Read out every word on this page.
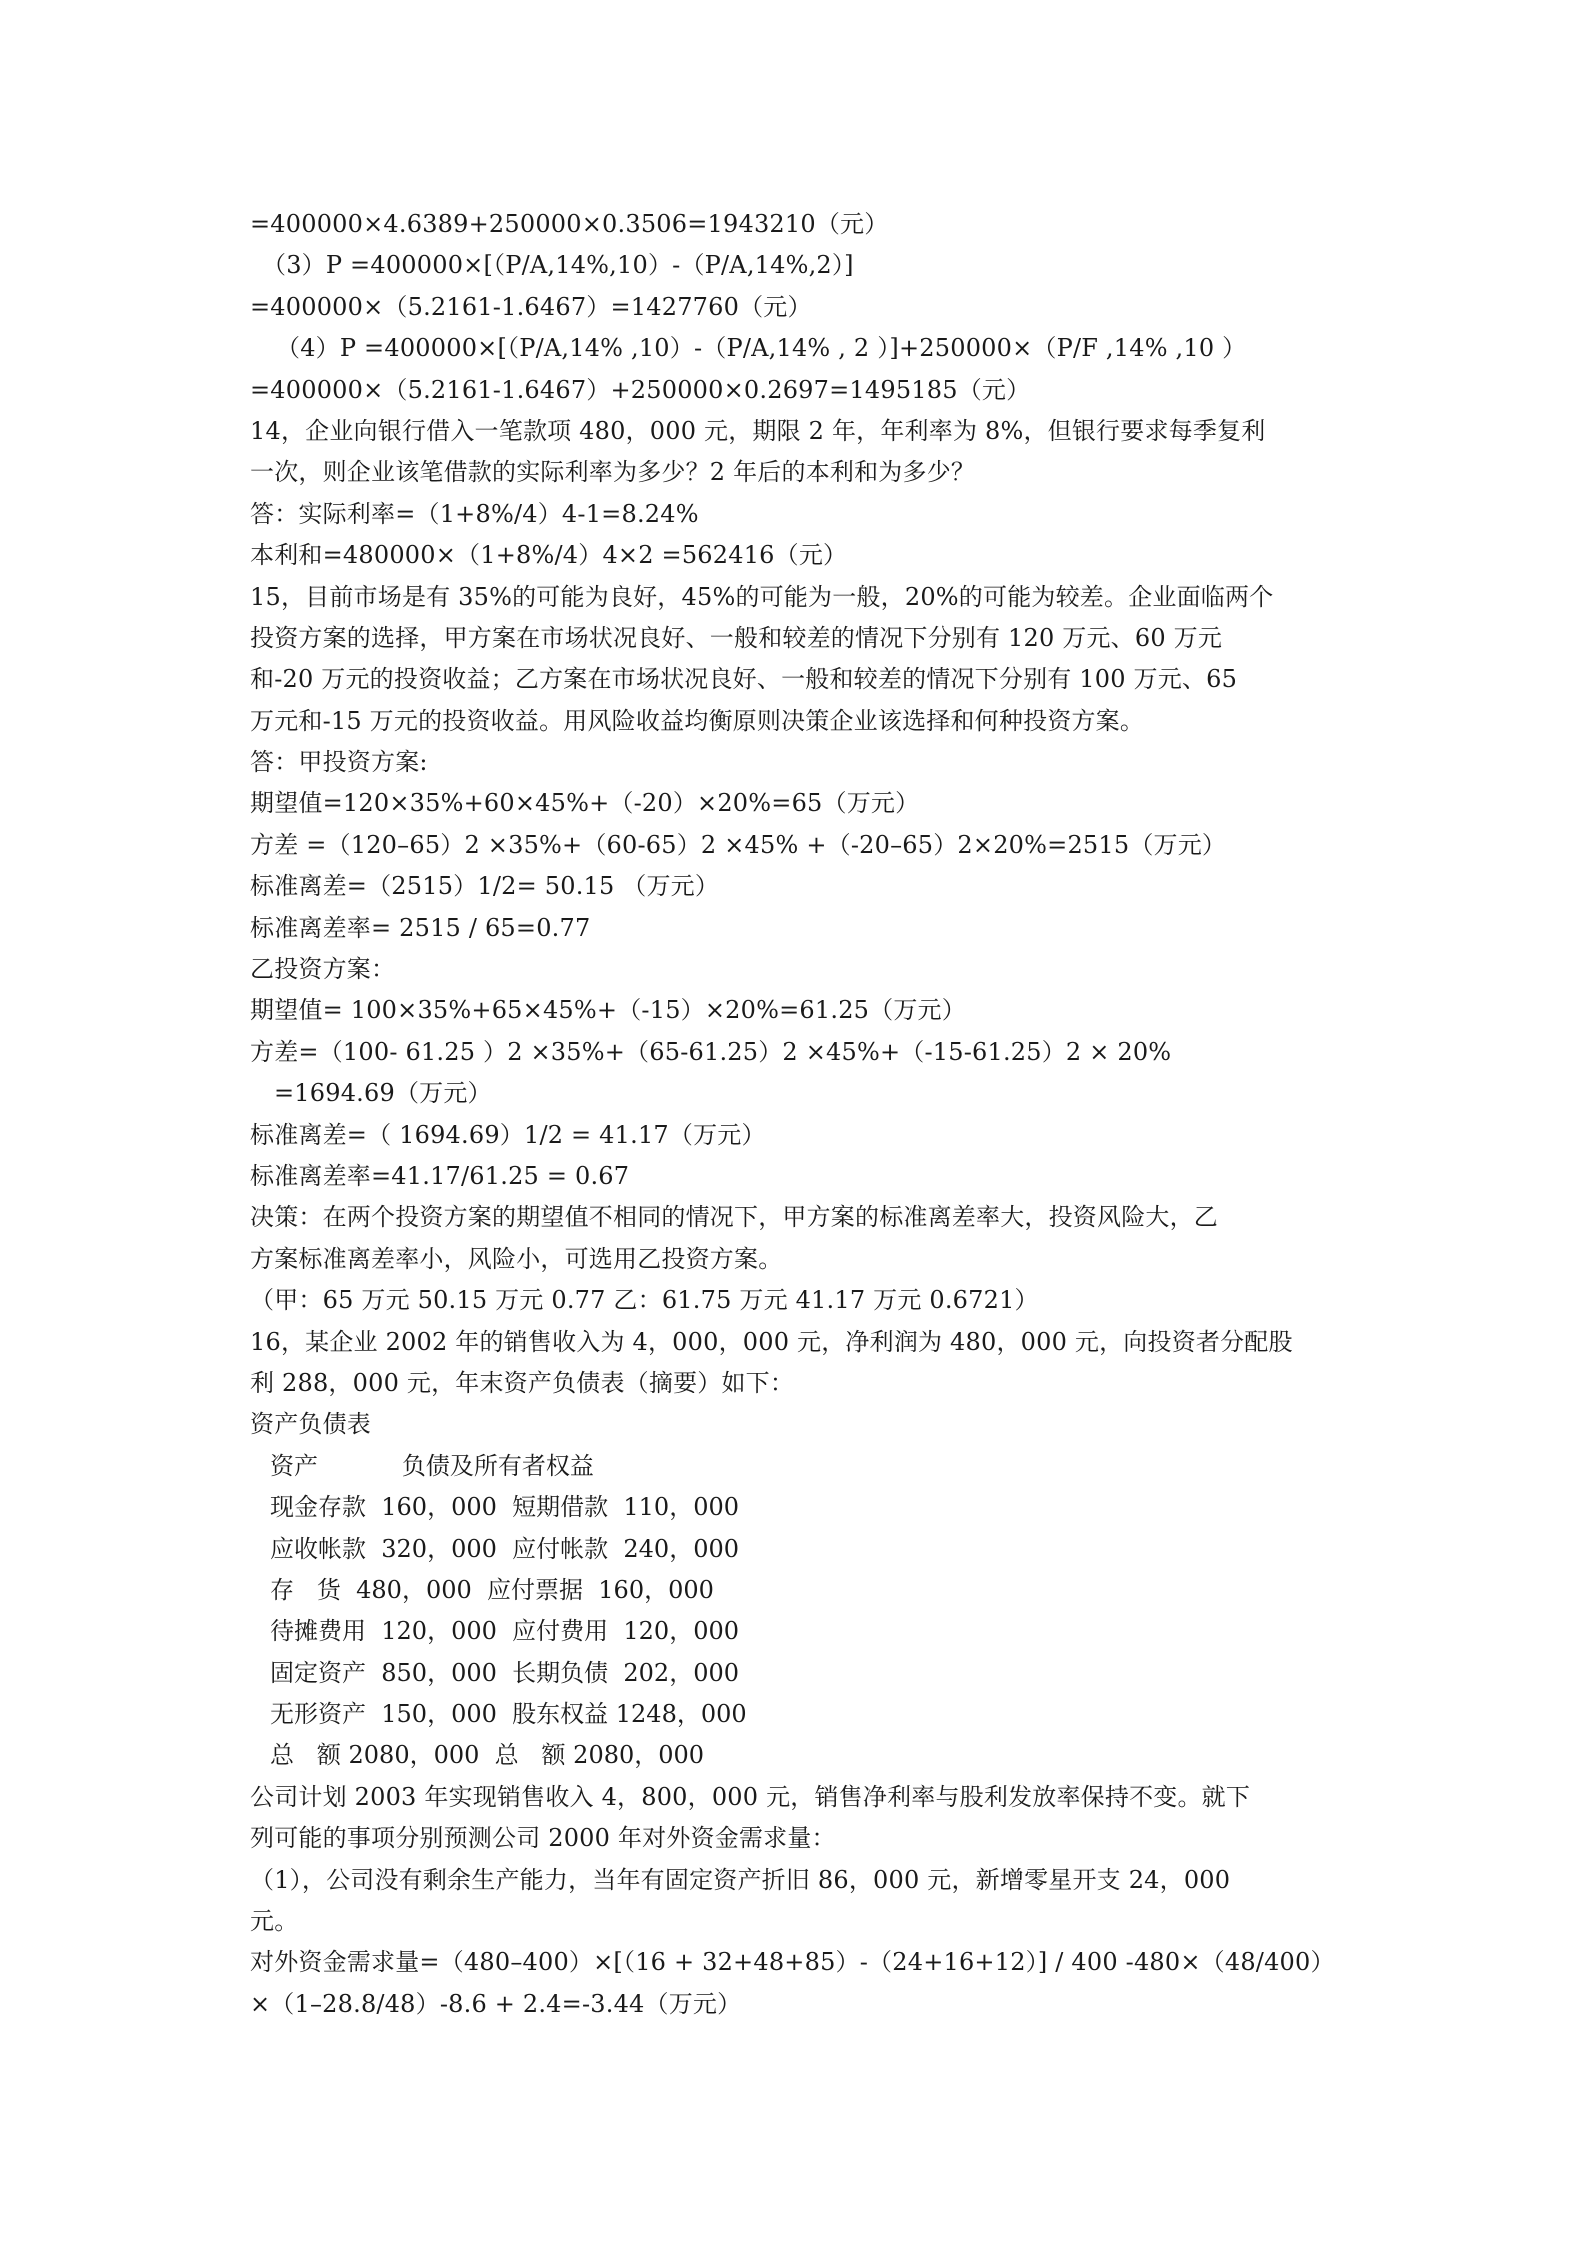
=400000×4.6389+250000×0.3506=1943210（元）
（3）P =400000×[（P/A,14%,10）-（P/A,14%,2）]
=400000×（5.2161-1.6467）=1427760（元）
（4）P =400000×[（P/A,14% ,10）-（P/A,14% , 2 ）]+250000×（P/F ,14% ,10 ）
=400000×（5.2161-1.6467）+250000×0.2697=1495185（元）
14，企业向银行借入一笔款项 480，000 元，期限 2 年，年利率为 8%，但银行要求每季复利
一次，则企业该笔借款的实际利率为多少？2 年后的本利和为多少？
答：实际利率=（1+8%/4）4-1=8.24%
本利和=480000×（1+8%/4）4×2 =562416（元）
15，目前市场是有 35%的可能为良好，45%的可能为一般，20%的可能为较差。企业面临两个
投资方案的选择，甲方案在市场状况良好、一般和较差的情况下分别有 120 万元、60 万元
和-20 万元的投资收益；乙方案在市场状况良好、一般和较差的情况下分别有 100 万元、65
万元和-15 万元的投资收益。用风险收益均衡原则决策企业该选择和何种投资方案。
答：甲投资方案:
期望值=120×35%+60×45%+（-20）×20%=65（万元）
方差 =（120–65）2 ×35%+（60-65）2 ×45% +（-20–65）2×20%=2515（万元）
标准离差=（2515）1/2= 50.15 （万元）
标准离差率= 2515 / 65=0.77
乙投资方案：
期望值= 100×35%+65×45%+（-15）×20%=61.25（万元）
方差=（100- 61.25 ）2 ×35%+（65-61.25）2 ×45%+（-15-61.25）2 × 20%
=1694.69（万元）
标准离差=（ 1694.69）1/2 = 41.17（万元）
标准离差率=41.17/61.25 = 0.67
决策：在两个投资方案的期望值不相同的情况下，甲方案的标准离差率大，投资风险大，乙
方案标准离差率小，风险小，可选用乙投资方案。
（甲：65 万元 50.15 万元 0.77 乙：61.75 万元 41.17 万元 0.6721）
16，某企业 2002 年的销售收入为 4，000，000 元，净利润为 480，000 元，向投资者分配股
利 288，000 元，年末资产负债表（摘要）如下：
资产负债表
资产           负债及所有者权益
现金存款  160，000  短期借款  110，000
应收帐款  320，000  应付帐款  240，000
存   货  480，000  应付票据  160，000
待摊费用  120，000  应付费用  120，000
固定资产  850，000  长期负债  202，000
无形资产  150，000  股东权益 1248，000
总   额 2080，000  总   额 2080，000
公司计划 2003 年实现销售收入 4，800，000 元，销售净利率与股利发放率保持不变。就下
列可能的事项分别预测公司 2000 年对外资金需求量：
（1），公司没有剩余生产能力，当年有固定资产折旧 86，000 元，新增零星开支 24，000
元。
对外资金需求量=（480–400）×[（16 + 32+48+85）-（24+16+12）] / 400 -480×（48/400）
×（1–28.8/48）-8.6 + 2.4=-3.44（万元）
